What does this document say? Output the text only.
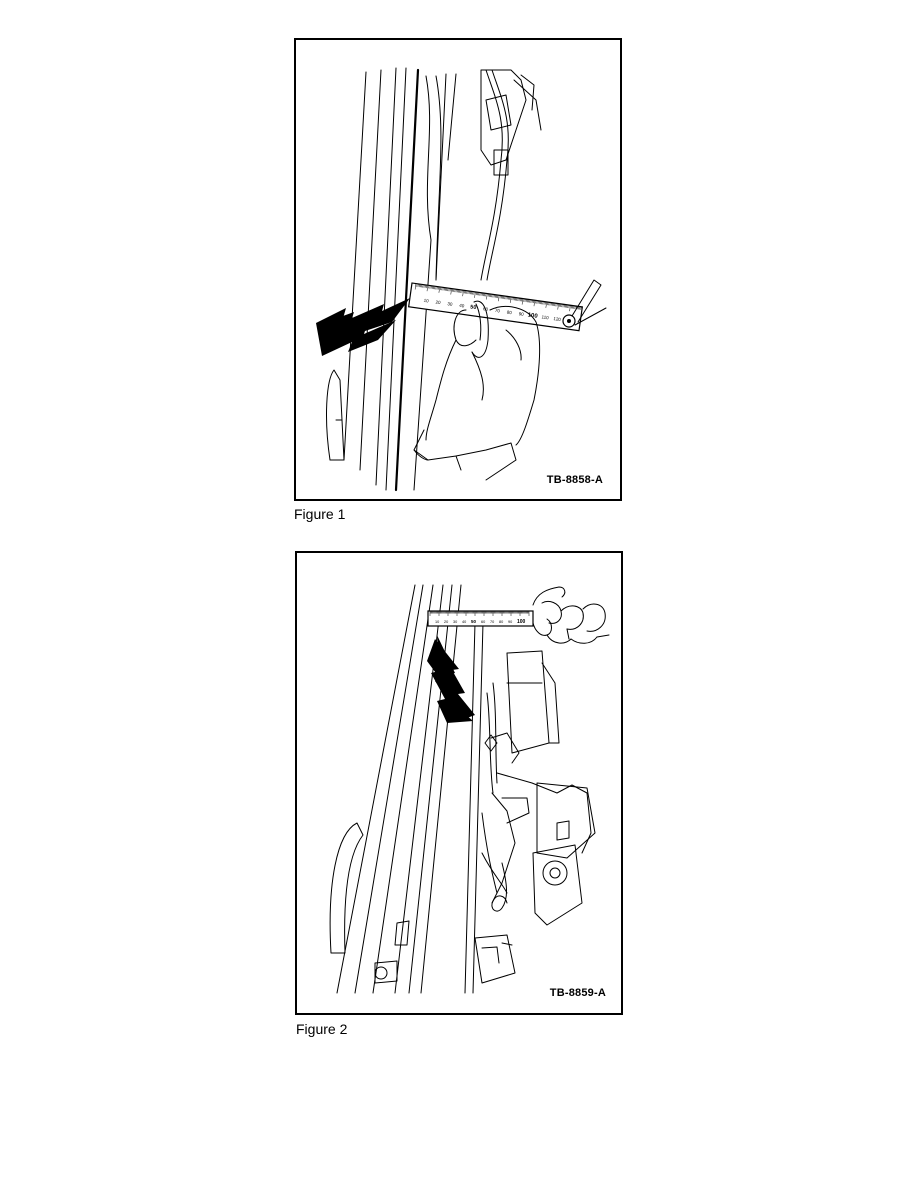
10 20 30 40 50 60 70 80 90 100 110 120
TB-8858-A
Figure 1
10 20 30 40 50 60 70 80 90 100
TB-8859-A
Figure 2
